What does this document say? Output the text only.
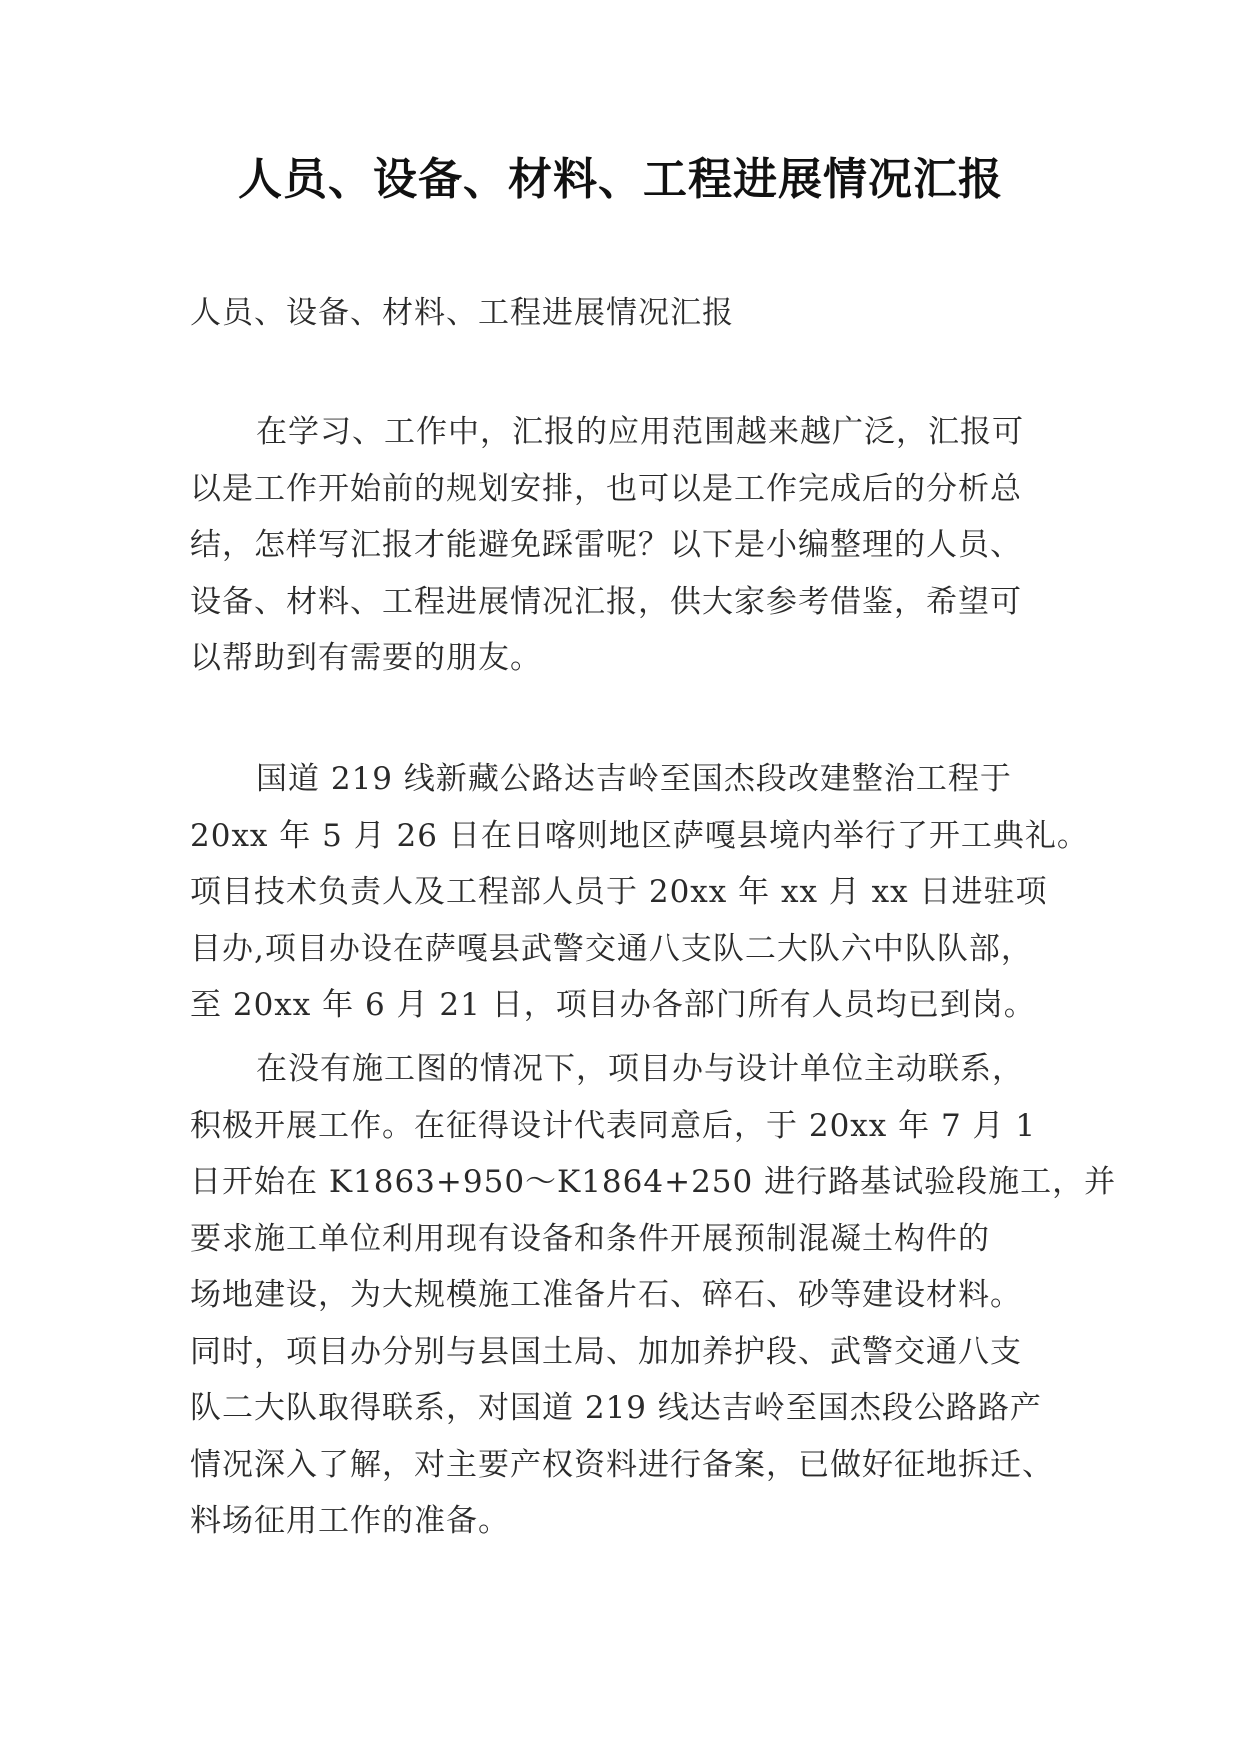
人员、设备、材料、工程进展情况汇报

人员、设备、材料、工程进展情况汇报

在学习、工作中，汇报的应用范围越来越广泛，汇报可
以是工作开始前的规划安排，也可以是工作完成后的分析总
结，怎样写汇报才能避免踩雷呢？以下是小编整理的人员、
设备、材料、工程进展情况汇报，供大家参考借鉴，希望可
以帮助到有需要的朋友。
国道 219 线新藏公路达吉岭至国杰段改建整治工程于
20xx 年 5 月 26 日在日喀则地区萨嘎县境内举行了开工典礼。
项目技术负责人及工程部人员于 20xx 年 xx 月 xx 日进驻项
目办,项目办设在萨嘎县武警交通八支队二大队六中队队部，
至 20xx 年 6 月 21 日，项目办各部门所有人员均已到岗。
在没有施工图的情况下，项目办与设计单位主动联系，
积极开展工作。在征得设计代表同意后，于 20xx 年 7 月 1
日开始在 K1863+950～K1864+250 进行路基试验段施工，并
要求施工单位利用现有设备和条件开展预制混凝土构件的
场地建设，为大规模施工准备片石、碎石、砂等建设材料。
同时，项目办分别与县国土局、加加养护段、武警交通八支
队二大队取得联系，对国道 219 线达吉岭至国杰段公路路产
情况深入了解，对主要产权资料进行备案，已做好征地拆迁、
料场征用工作的准备。
